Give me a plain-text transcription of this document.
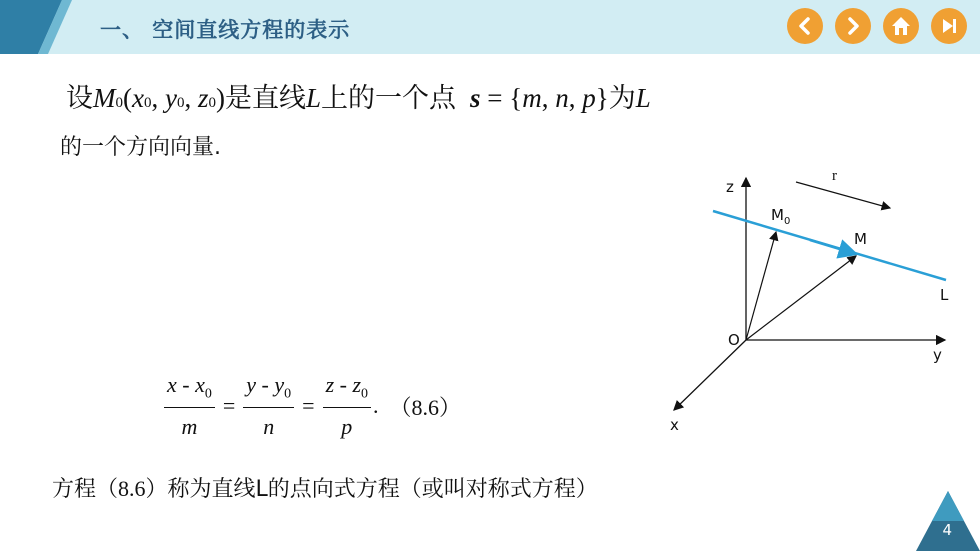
一、 空间直线方程的表示
设 M 0 ( x 0 , y 0 , z 0 ) 是直线 L 上的一个点 s = { m , n , p } 为 L
的一个方向向量.
$\frac{x - x_0}{m} = \frac{y - y_0}{n} = \frac{z - z_0}{p}$ . （8.6）
z
y
x
O
r
$M_0$
M
L
方程（8.6）称为直线L的点向式方程（或叫对称式方程）
4
